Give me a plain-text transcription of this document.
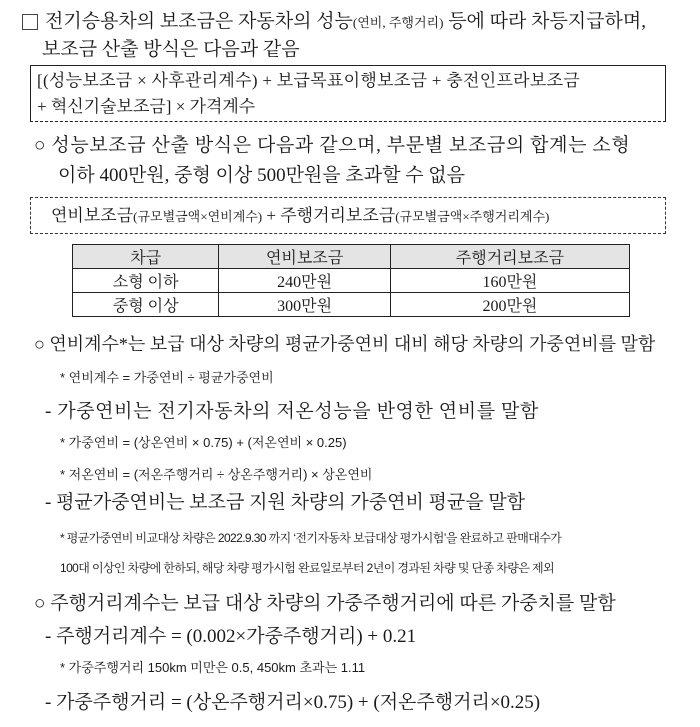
전기승용차의 보조금은 자동차의 성능(연비, 주행거리) 등에 따라 차등지급하며,
보조금 산출 방식은 다음과 같음
[(성능보조금 × 사후관리계수) + 보급목표이행보조금 + 충전인프라보조금
+ 혁신기술보조금] × 가격계수
○ 성능보조금 산출 방식은 다음과 같으며, 부문별 보조금의 합계는 소형
이하 400만원, 중형 이상 500만원을 초과할 수 없음
연비보조금(규모별금액×연비계수) + 주행거리보조금(규모별금액×주행거리계수)
차급	연비보조금	주행거리보조금
소형 이하	240만원	160만원
중형 이상	300만원	200만원
○ 연비계수*는 보급 대상 차량의 평균가중연비 대비 해당 차량의 가중연비를 말함
* 연비계수 = 가중연비 ÷ 평균가중연비
- 가중연비는 전기자동차의 저온성능을 반영한 연비를 말함
* 가중연비 = (상온연비 × 0.75) + (저온연비 × 0.25)
* 저온연비 = (저온주행거리 ÷ 상온주행거리) × 상온연비
- 평균가중연비는 보조금 지원 차량의 가중연비 평균을 말함
* 평균가중연비 비교대상 차량은 2022.9.30 까지 ‘전기자동차 보급대상 평가시험’을 완료하고 판매대수가
100대 이상인 차량에 한하되, 해당 차량 평가시험 완료일로부터 2년이 경과된 차량 및 단종 차량은 제외
○ 주행거리계수는 보급 대상 차량의 가중주행거리에 따른 가중치를 말함
- 주행거리계수 = (0.002×가중주행거리) + 0.21
* 가중주행거리 150km 미만은 0.5, 450km 초과는 1.11
- 가중주행거리 = (상온주행거리×0.75) + (저온주행거리×0.25)
